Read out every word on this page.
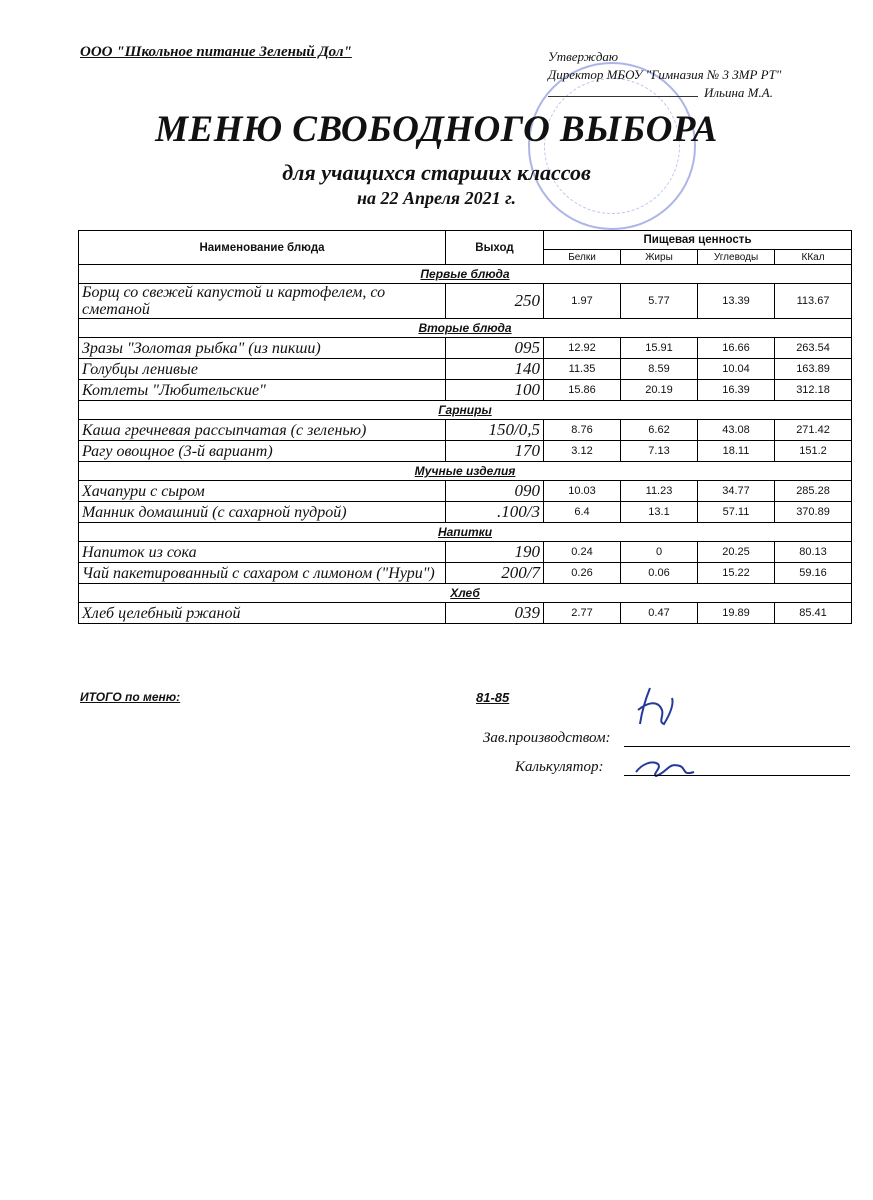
ООО "Школьное питание Зеленый Дол"	Утверждаю
Директор МБОУ "Гимназия № 3 ЗМР РТ"
Ильина М.А.
МЕНЮ СВОБОДНОГО ВЫБОРА
для учащихся старших классов
на 22 Апреля 2021 г.
Наименование блюда	Выход	Пищевая ценность			
		Белки	Жиры	Углеводы	ККал
Первые блюда					
Борщ со свежей капустой и картофелем, со сметаной	250	1.97	5.77	13.39	113.67
Вторые блюда					
Зразы "Золотая рыбка" (из пикши)	095	12.92	15.91	16.66	263.54
Голубцы ленивые	140	11.35	8.59	10.04	163.89
Котлеты "Любительские"	100	15.86	20.19	16.39	312.18
Гарниры					
Каша гречневая рассыпчатая (с зеленью)	150/0,5	8.76	6.62	43.08	271.42
Рагу овощное (3-й вариант)	170	3.12	7.13	18.11	151.2
Мучные изделия					
Хачапури с сыром	090	10.03	11.23	34.77	285.28
Манник домашний (с сахарной пудрой)	.100/3	6.4	13.1	57.11	370.89
Напитки					
Напиток из сока	190	0.24	0	20.25	80.13
Чай пакетированный с сахаром с лимоном ("Нури")	200/7	0.26	0.06	15.22	59.16
Хлеб					
Хлеб целебный ржаной	039	2.77	0.47	19.89	85.41
ИТОГО по меню:	81-85
Зав.производством:
Калькулятор:
